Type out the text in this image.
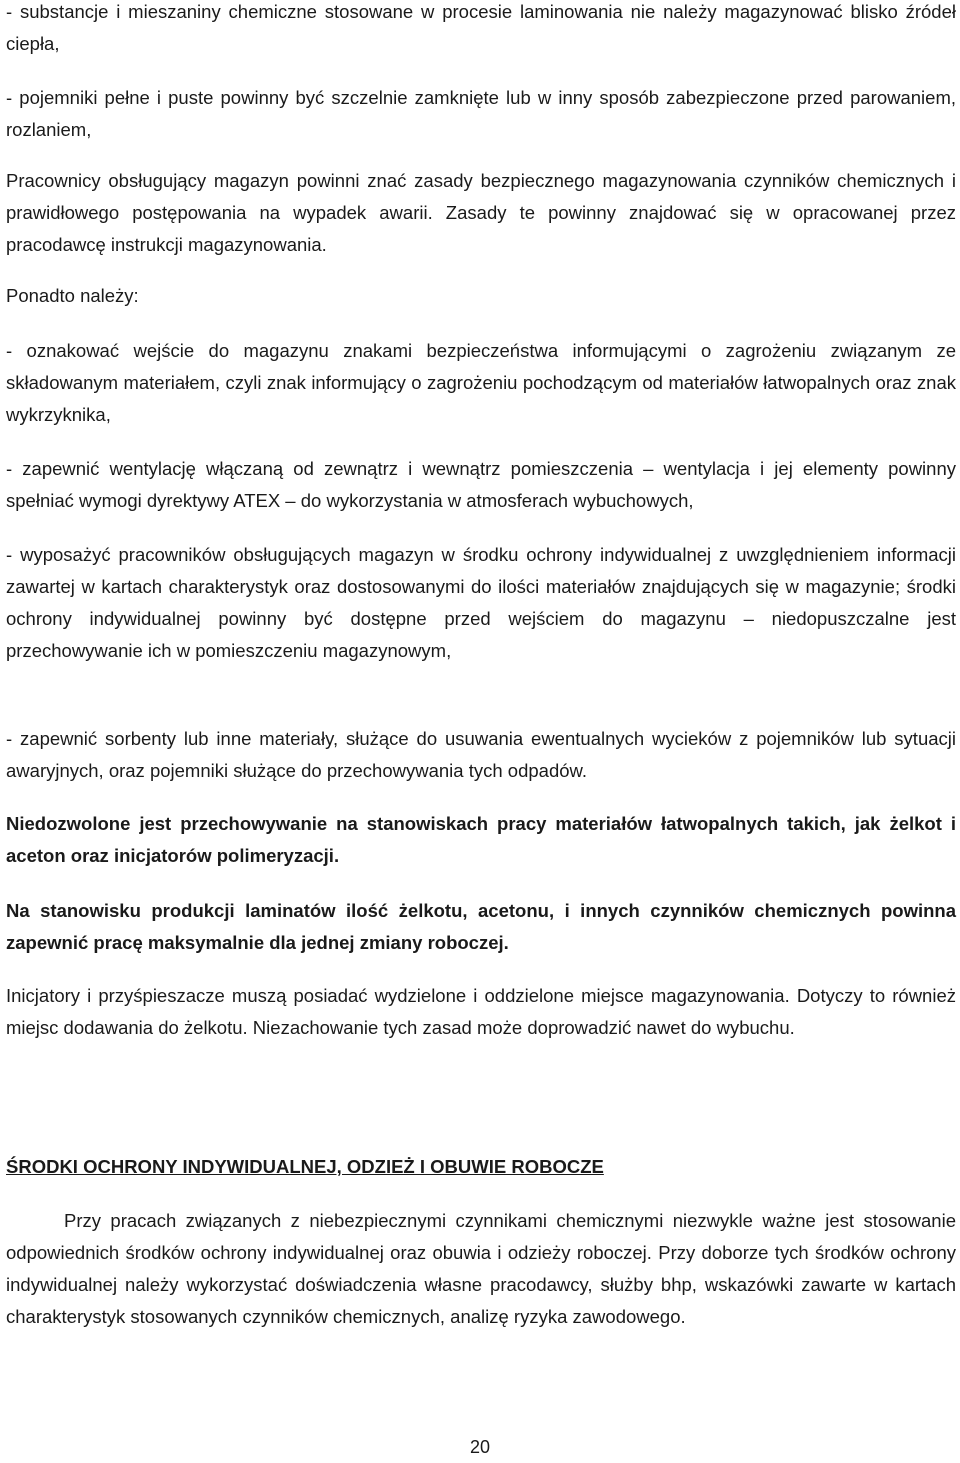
- substancje i mieszaniny chemiczne stosowane w procesie laminowania nie należy magazynować blisko źródeł ciepła,

- pojemniki pełne i puste powinny być szczelnie zamknięte lub w inny sposób zabezpieczone przed parowaniem, rozlaniem,

Pracownicy obsługujący magazyn powinni znać zasady bezpiecznego magazynowania czynników chemicznych i prawidłowego postępowania na wypadek awarii. Zasady te powinny znajdować się w opracowanej przez pracodawcę instrukcji magazynowania.

Ponadto należy:

- oznakować wejście do magazynu znakami bezpieczeństwa informującymi o zagrożeniu związanym ze składowanym materiałem, czyli znak informujący o zagrożeniu pochodzącym od materiałów łatwopalnych oraz znak wykrzyknika,

- zapewnić wentylację włączaną od zewnątrz i wewnątrz pomieszczenia – wentylacja i jej elementy powinny spełniać wymogi dyrektywy ATEX – do wykorzystania w atmosferach wybuchowych,

- wyposażyć pracowników obsługujących magazyn w środku ochrony indywidualnej z uwzględnieniem informacji zawartej w kartach charakterystyk oraz dostosowanymi do ilości materiałów znajdujących się w magazynie; środki ochrony indywidualnej powinny być dostępne przed wejściem do magazynu – niedopuszczalne jest przechowywanie ich w pomieszczeniu magazynowym,

- zapewnić sorbenty lub inne materiały, służące do usuwania ewentualnych wycieków z pojemników lub sytuacji awaryjnych, oraz pojemniki służące do przechowywania tych odpadów.

Niedozwolone jest przechowywanie na stanowiskach pracy materiałów łatwopalnych takich, jak żelkot i aceton oraz inicjatorów polimeryzacji.

Na stanowisku produkcji laminatów ilość żelkotu, acetonu, i innych czynników chemicznych powinna zapewnić pracę maksymalnie dla jednej zmiany roboczej.

Inicjatory i przyśpieszacze muszą posiadać wydzielone i oddzielone miejsce magazynowania. Dotyczy to również miejsc dodawania do żelkotu. Niezachowanie tych zasad może doprowadzić nawet do wybuchu.

ŚRODKI OCHRONY INDYWIDUALNEJ, ODZIEŻ I OBUWIE ROBOCZE

Przy pracach związanych z niebezpiecznymi czynnikami chemicznymi niezwykle ważne jest stosowanie odpowiednich środków ochrony indywidualnej oraz obuwia i odzieży roboczej. Przy doborze tych środków ochrony indywidualnej należy wykorzystać doświadczenia własne pracodawcy, służby bhp, wskazówki zawarte w kartach charakterystyk stosowanych czynników chemicznych, analizę ryzyka zawodowego.

20
